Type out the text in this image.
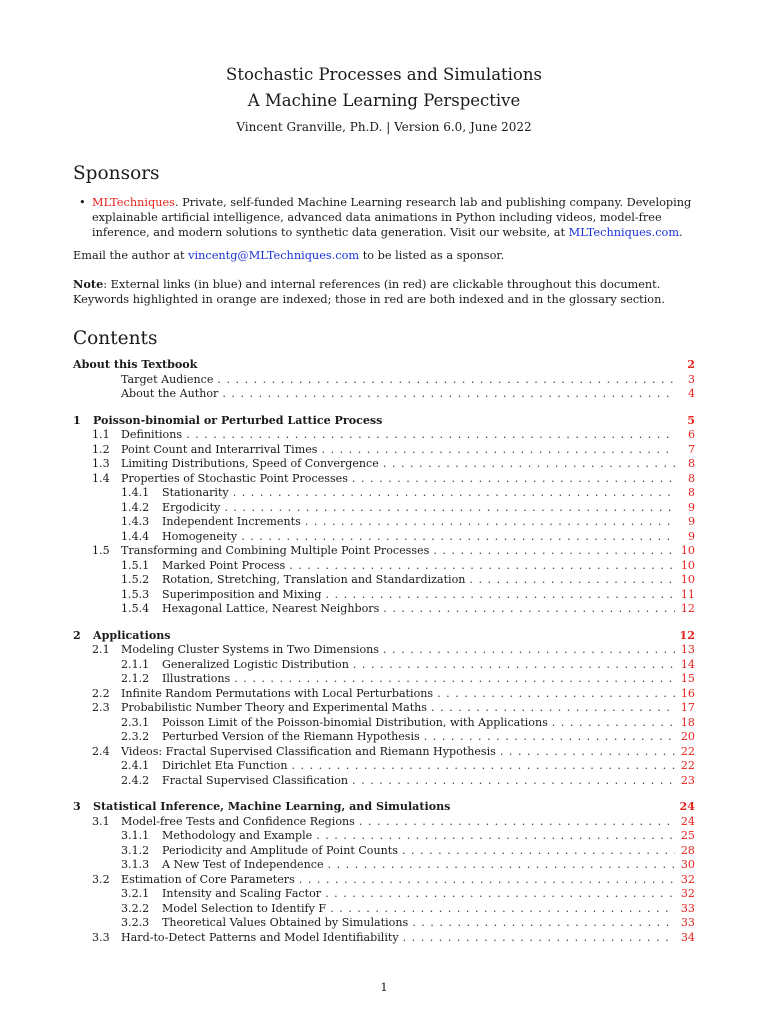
Stochastic Processes and Simulations
A Machine Learning Perspective
Vincent Granville, Ph.D. | Version 6.0, June 2022
Sponsors
• MLTechniques. Private, self-funded Machine Learning research lab and publishing company. Developing explainable artificial intelligence, advanced data animations in Python including videos, model-free inference, and modern solutions to synthetic data generation. Visit our website, at MLTechniques.com.

Email the author at vincentg@MLTechniques.com to be listed as a sponsor.

Note: External links (in blue) and internal references (in red) are clickable throughout this document. Keywords highlighted in orange are indexed; those in red are both indexed and in the glossary section.

Contents
About this Textbook	2
Target Audience . . .	3
About the Author . . .	4
1	Poisson-binomial or Perturbed Lattice Process	5
1.1	Definitions . . .	6
1.2	Point Count and Interarrival Times . . .	7
1.3	Limiting Distributions, Speed of Convergence . . .	8
1.4	Properties of Stochastic Point Processes . . .	8
1.4.1	Stationarity . . .	8
1.4.2	Ergodicity . . .	9
1.4.3	Independent Increments . . .	9
1.4.4	Homogeneity . . .	9
1.5	Transforming and Combining Multiple Point Processes . . .	10
1.5.1	Marked Point Process . . .	10
1.5.2	Rotation, Stretching, Translation and Standardization . . .	10
1.5.3	Superimposition and Mixing . . .	11
1.5.4	Hexagonal Lattice, Nearest Neighbors . . .	12
2	Applications	12
2.1	Modeling Cluster Systems in Two Dimensions . . .	13
2.1.1	Generalized Logistic Distribution . . .	14
2.1.2	Illustrations . . .	15
2.2	Infinite Random Permutations with Local Perturbations . . .	16
2.3	Probabilistic Number Theory and Experimental Maths . . .	17
2.3.1	Poisson Limit of the Poisson-binomial Distribution, with Applications . . .	18
2.3.2	Perturbed Version of the Riemann Hypothesis . . .	20
2.4	Videos: Fractal Supervised Classification and Riemann Hypothesis . . .	22
2.4.1	Dirichlet Eta Function . . .	22
2.4.2	Fractal Supervised Classification . . .	23
3	Statistical Inference, Machine Learning, and Simulations	24
3.1	Model-free Tests and Confidence Regions . . .	24
3.1.1	Methodology and Example . . .	25
3.1.2	Periodicity and Amplitude of Point Counts . . .	28
3.1.3	A New Test of Independence . . .	30
3.2	Estimation of Core Parameters . . .	32
3.2.1	Intensity and Scaling Factor . . .	32
3.2.2	Model Selection to Identify F . . .	33
3.2.3	Theoretical Values Obtained by Simulations . . .	33
3.3	Hard-to-Detect Patterns and Model Identifiability . . .	34
1
